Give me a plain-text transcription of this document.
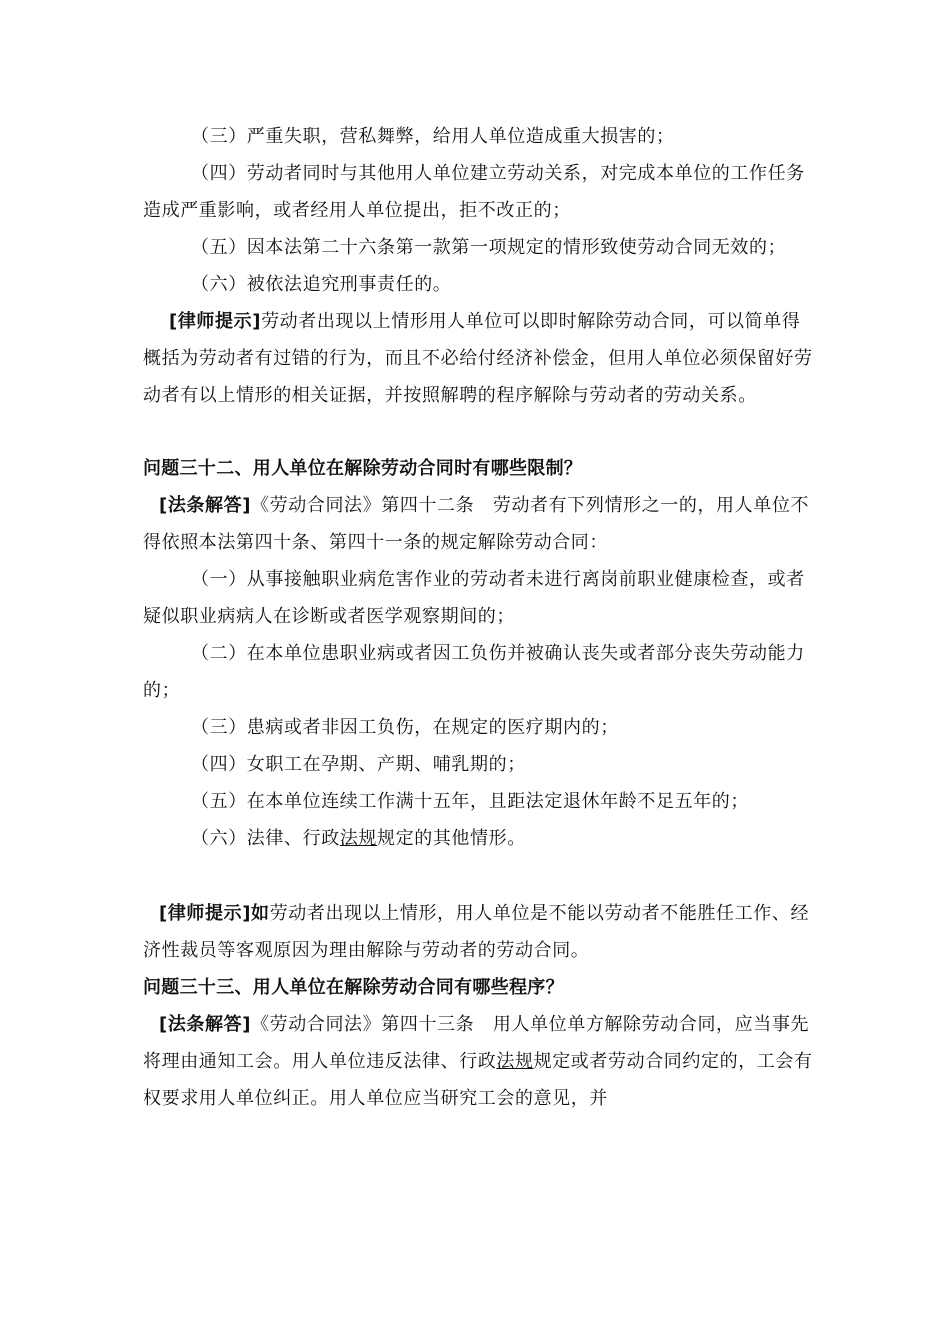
（三）严重失职，营私舞弊，给用人单位造成重大损害的；

（四）劳动者同时与其他用人单位建立劳动关系，对完成本单位的工作任务造成严重影响，或者经用人单位提出，拒不改正的；

（五）因本法第二十六条第一款第一项规定的情形致使劳动合同无效的；

（六）被依法追究刑事责任的。

[律师提示]劳动者出现以上情形用人单位可以即时解除劳动合同，可以简单得概括为劳动者有过错的行为，而且不必给付经济补偿金，但用人单位必须保留好劳动者有以上情形的相关证据，并按照解聘的程序解除与劳动者的劳动关系。

问题三十二、用人单位在解除劳动合同时有哪些限制？

[法条解答]《劳动合同法》第四十二条　劳动者有下列情形之一的，用人单位不得依照本法第四十条、第四十一条的规定解除劳动合同：

（一）从事接触职业病危害作业的劳动者未进行离岗前职业健康检查，或者疑似职业病病人在诊断或者医学观察期间的；

（二）在本单位患职业病或者因工负伤并被确认丧失或者部分丧失劳动能力的；

（三）患病或者非因工负伤，在规定的医疗期内的；

（四）女职工在孕期、产期、哺乳期的；

（五）在本单位连续工作满十五年，且距法定退休年龄不足五年的；

（六）法律、行政法规规定的其他情形。

[律师提示]如劳动者出现以上情形，用人单位是不能以劳动者不能胜任工作、经济性裁员等客观原因为理由解除与劳动者的劳动合同。

问题三十三、用人单位在解除劳动合同有哪些程序？

[法条解答]《劳动合同法》第四十三条　用人单位单方解除劳动合同，应当事先将理由通知工会。用人单位违反法律、行政法规规定或者劳动合同约定的，工会有权要求用人单位纠正。用人单位应当研究工会的意见，并
